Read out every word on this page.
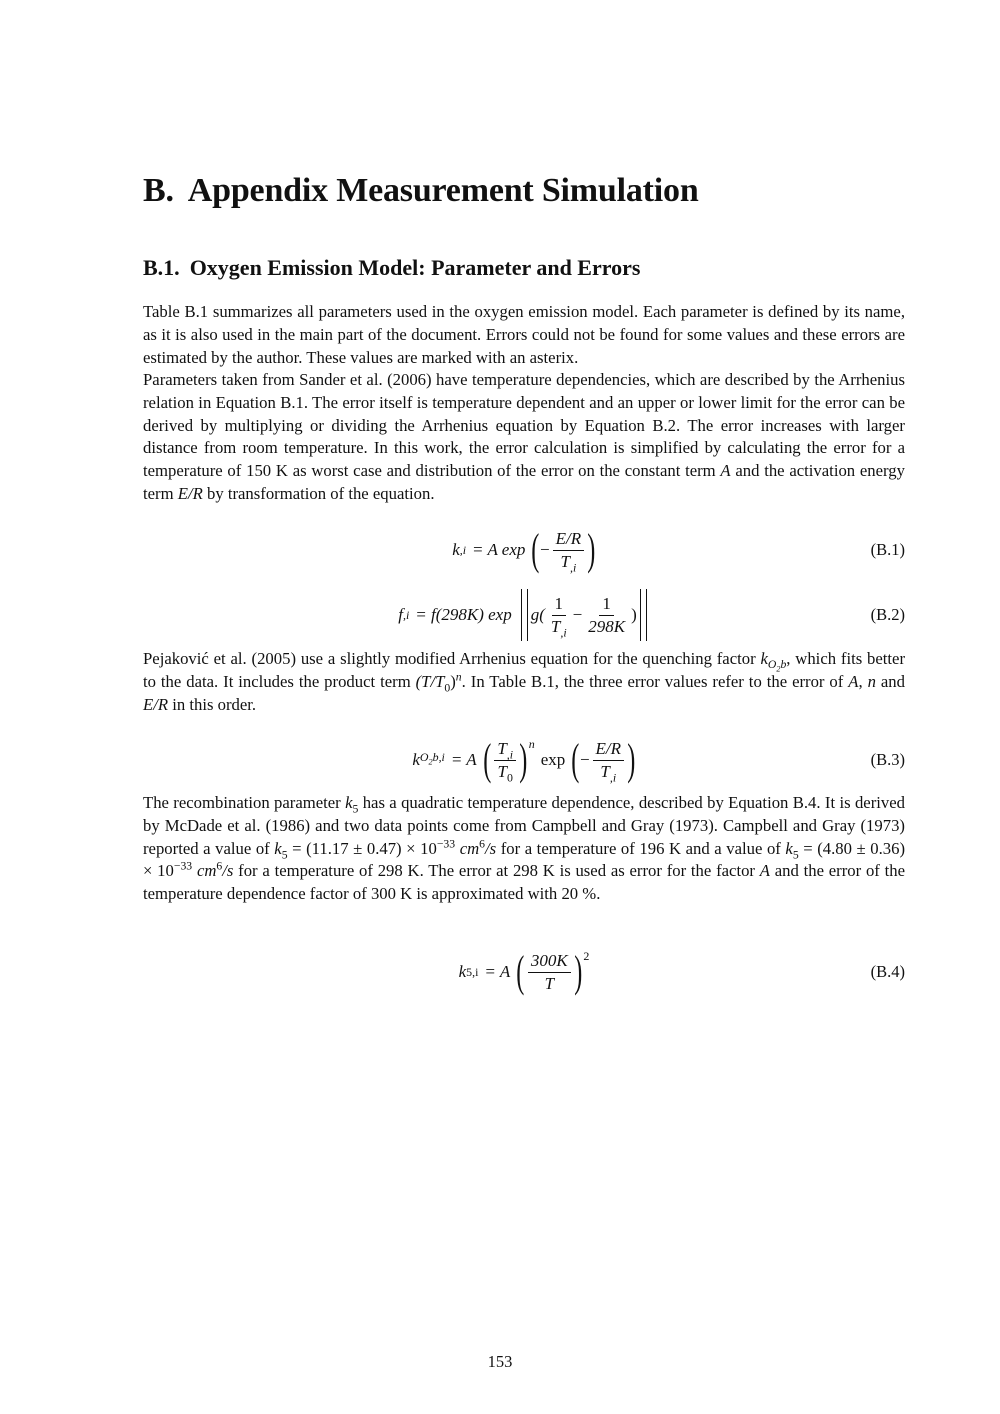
B. Appendix Measurement Simulation
B.1. Oxygen Emission Model: Parameter and Errors

Table B.1 summarizes all parameters used in the oxygen emission model. Each parameter is defined by its name, as it is also used in the main part of the document. Errors could not be found for some values and these errors are estimated by the author. These values are marked with an asterix.

Parameters taken from Sander et al. (2006) have temperature dependencies, which are described by the Arrhenius relation in Equation B.1. The error itself is temperature dependent and an upper or lower limit for the error can be derived by multiplying or dividing the Arrhenius equation by Equation B.2. The error increases with larger distance from room temperature. In this work, the error calculation is simplified by calculating the error for a temperature of 150 K as worst case and distribution of the error on the constant term A and the activation energy term E/R by transformation of the equation.

k ,i = A exp ( − $\frac{E/R}{T_{,i}}$ )	(B.1)
f ,i = f(298K) $\exp g( \frac{1}{T_{,i}} - \frac{1}{298K}$ )	(B.2)

Pejaković et al. (2005) use a slightly modified Arrhenius equation for the quenching factor $k_{O_2b}$, which fits better to the data. It includes the product term $(T/T_0)^n$. In Table B.1, the three error values refer to the error of A, n and E/R in this order.

k $O_2b,i = A$ ( $\frac{T_{,i}}{T_0}$ ) n
exp ( − $\frac{E/R}{T_{,i}}$ )	(B.3)

The recombination parameter $k_5$ has a quadratic temperature dependence, described by Equation B.4. It is derived by McDade et al. (1986) and two data points come from Campbell and Gray (1973). Campbell and Gray (1973) reported a value of $k_5 = (11.17 \pm 0.47) \times 10^{-33}$ $cm^6/s$ for a temperature of 196 K and a value of $k_5 = (4.80 \pm 0.36) \times 10^{-33}$ $cm^6/s$ for a temperature of 298 K. The error at 298 K is used as error for the factor A and the error of the temperature dependence factor of 300 K is approximated with 20 %.

k 5,i = A ( $\frac{300K}{T}$ ) 2
(B.4)
153
